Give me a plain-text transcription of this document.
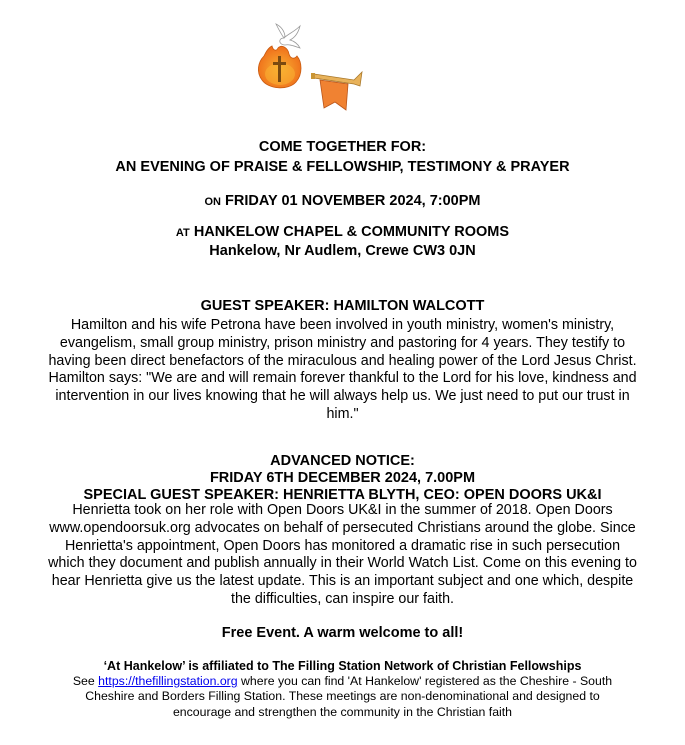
COME TOGETHER FOR:
AN EVENING OF PRAISE & FELLOWSHIP, TESTIMONY & PRAYER
ON FRIDAY 01 NOVEMBER 2024, 7:00PM
AT HANKELOW CHAPEL & COMMUNITY ROOMS
Hankelow, Nr Audlem, Crewe CW3 0JN
GUEST SPEAKER: HAMILTON WALCOTT
Hamilton and his wife Petrona have been involved in youth ministry, women's ministry,
evangelism, small group ministry, prison ministry and pastoring for 4 years. They testify to
having been direct benefactors of the miraculous and healing power of the Lord Jesus Christ.
Hamilton says: "We are and will remain forever thankful to the Lord for his love, kindness and
intervention in our lives knowing that he will always help us. We just need to put our trust in
him."
ADVANCED NOTICE:
FRIDAY 6TH DECEMBER 2024, 7.00PM
SPECIAL GUEST SPEAKER: HENRIETTA BLYTH, CEO: OPEN DOORS UK&I
Henrietta took on her role with Open Doors UK&I in the summer of 2018. Open Doors
www.opendoorsuk.org advocates on behalf of persecuted Christians around the globe. Since
Henrietta's appointment, Open Doors has monitored a dramatic rise in such persecution
which they document and publish annually in their World Watch List. Come on this evening to
hear Henrietta give us the latest update. This is an important subject and one which, despite
the difficulties, can inspire our faith.
Free Event. A warm welcome to all!
‘At Hankelow’ is affiliated to The Filling Station Network of Christian Fellowships
See https://thefillingstation.org where you can find 'At Hankelow' registered as the Cheshire - South
Cheshire and Borders Filling Station. These meetings are non-denominational and designed to
encourage and strengthen the community in the Christian faith
